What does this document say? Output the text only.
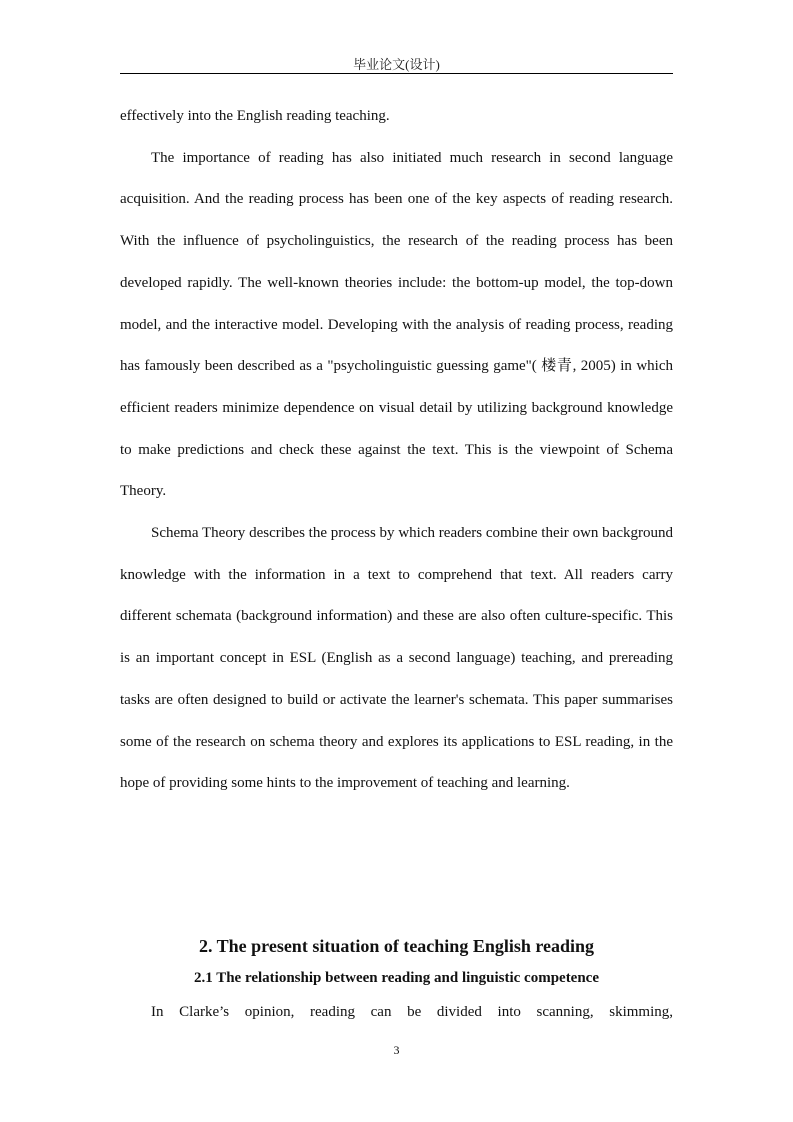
毕业论文(设计)

effectively into the English reading teaching.

The importance of reading has also initiated much research in second language acquisition. And the reading process has been one of the key aspects of reading research. With the influence of psycholinguistics, the research of the reading process has been developed rapidly. The well-known theories include: the bottom-up model, the top-down model, and the interactive model. Developing with the analysis of reading process, reading has famously been described as a "psycholinguistic guessing game"( 楼青, 2005) in which efficient readers minimize dependence on visual detail by utilizing background knowledge to make predictions and check these against the text. This is the viewpoint of Schema Theory.

Schema Theory describes the process by which readers combine their own background knowledge with the information in a text to comprehend that text. All readers carry different schemata (background information) and these are also often culture-specific. This is an important concept in ESL (English as a second language) teaching, and prereading tasks are often designed to build or activate the learner's schemata. This paper summarises some of the research on schema theory and explores its applications to ESL reading, in the hope of providing some hints to the improvement of teaching and learning.

2. The present situation of teaching English reading
2.1 The relationship between reading and linguistic competence
In Clarke’s opinion, reading can be divided into scanning, skimming,
3
